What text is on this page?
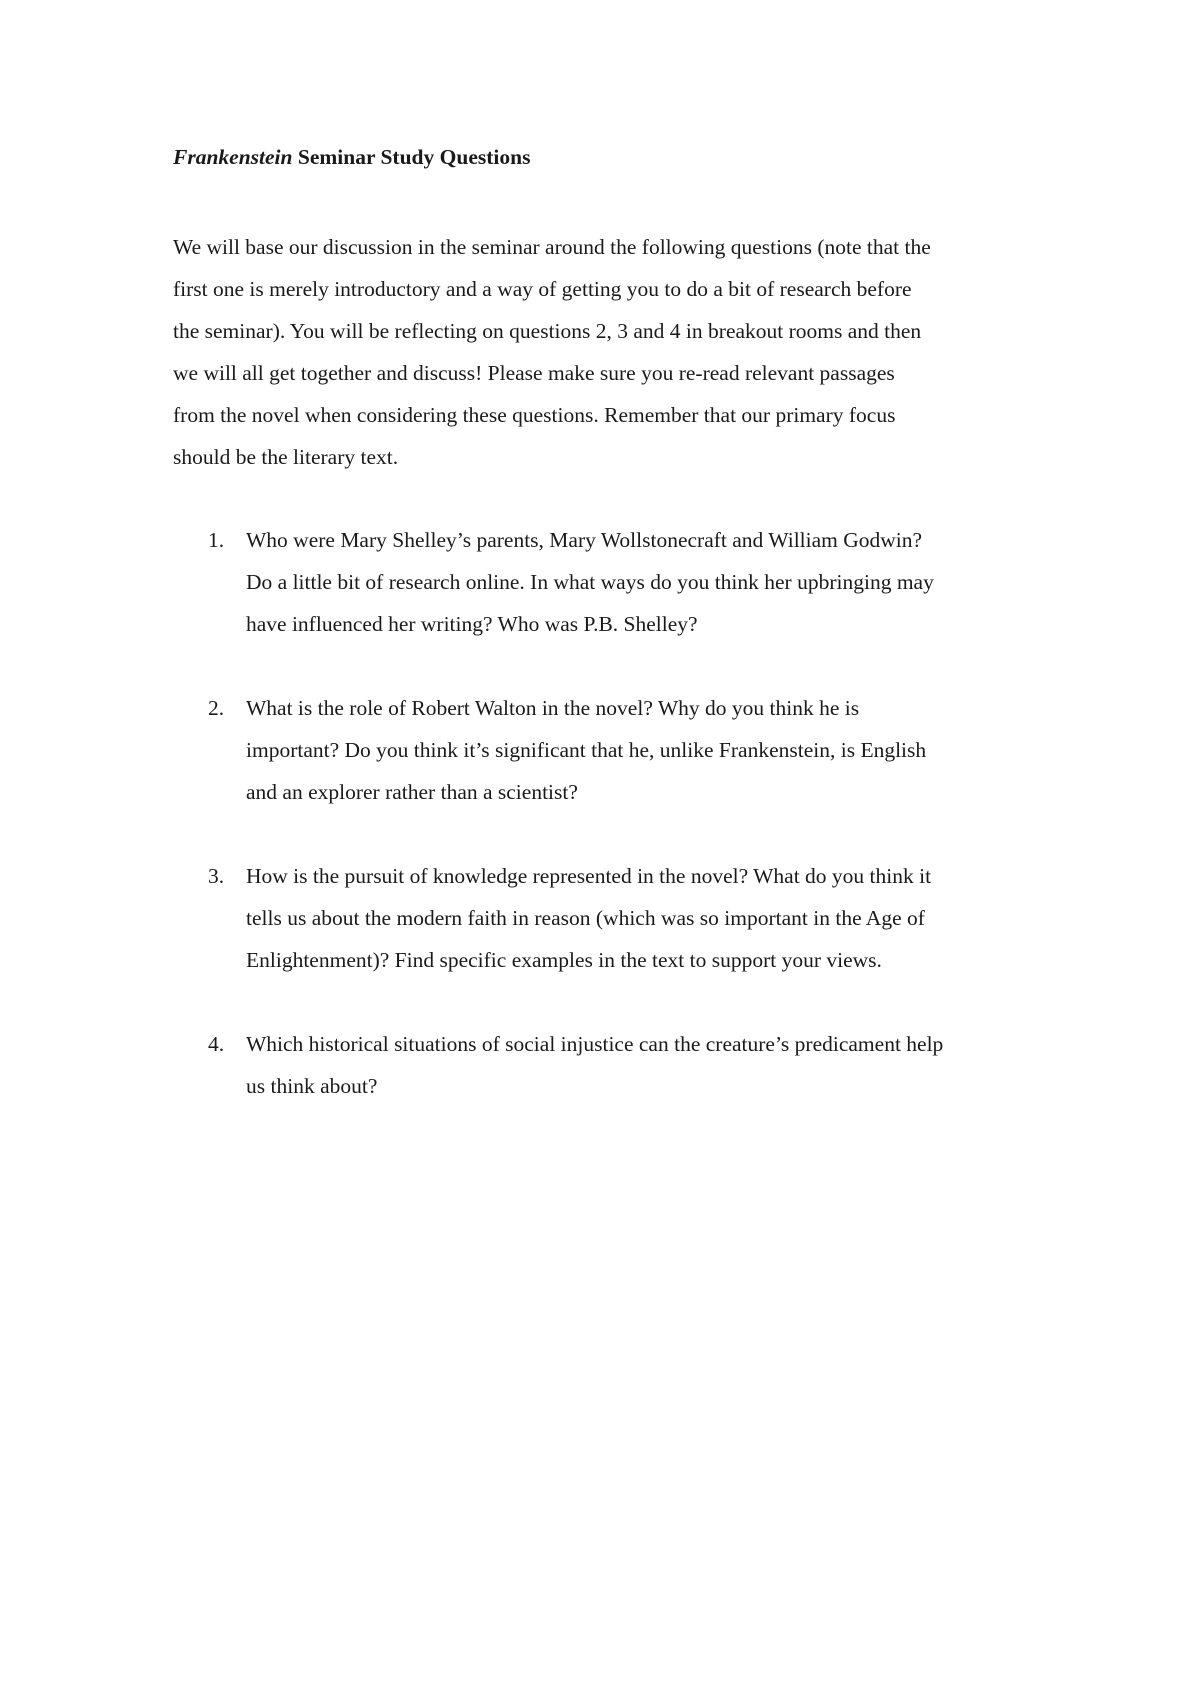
Frankenstein Seminar Study Questions

We will base our discussion in the seminar around the following questions (note that the
first one is merely introductory and a way of getting you to do a bit of research before
the seminar). You will be reflecting on questions 2, 3 and 4 in breakout rooms and then
we will all get together and discuss! Please make sure you re-read relevant passages
from the novel when considering these questions. Remember that our primary focus
should be the literary text.

1. Who were Mary Shelley’s parents, Mary Wollstonecraft and William Godwin?
Do a little bit of research online. In what ways do you think her upbringing may
have influenced her writing? Who was P.B. Shelley?
2. What is the role of Robert Walton in the novel? Why do you think he is
important? Do you think it’s significant that he, unlike Frankenstein, is English
and an explorer rather than a scientist?
3. How is the pursuit of knowledge represented in the novel? What do you think it
tells us about the modern faith in reason (which was so important in the Age of
Enlightenment)? Find specific examples in the text to support your views.
4. Which historical situations of social injustice can the creature’s predicament help
us think about?
